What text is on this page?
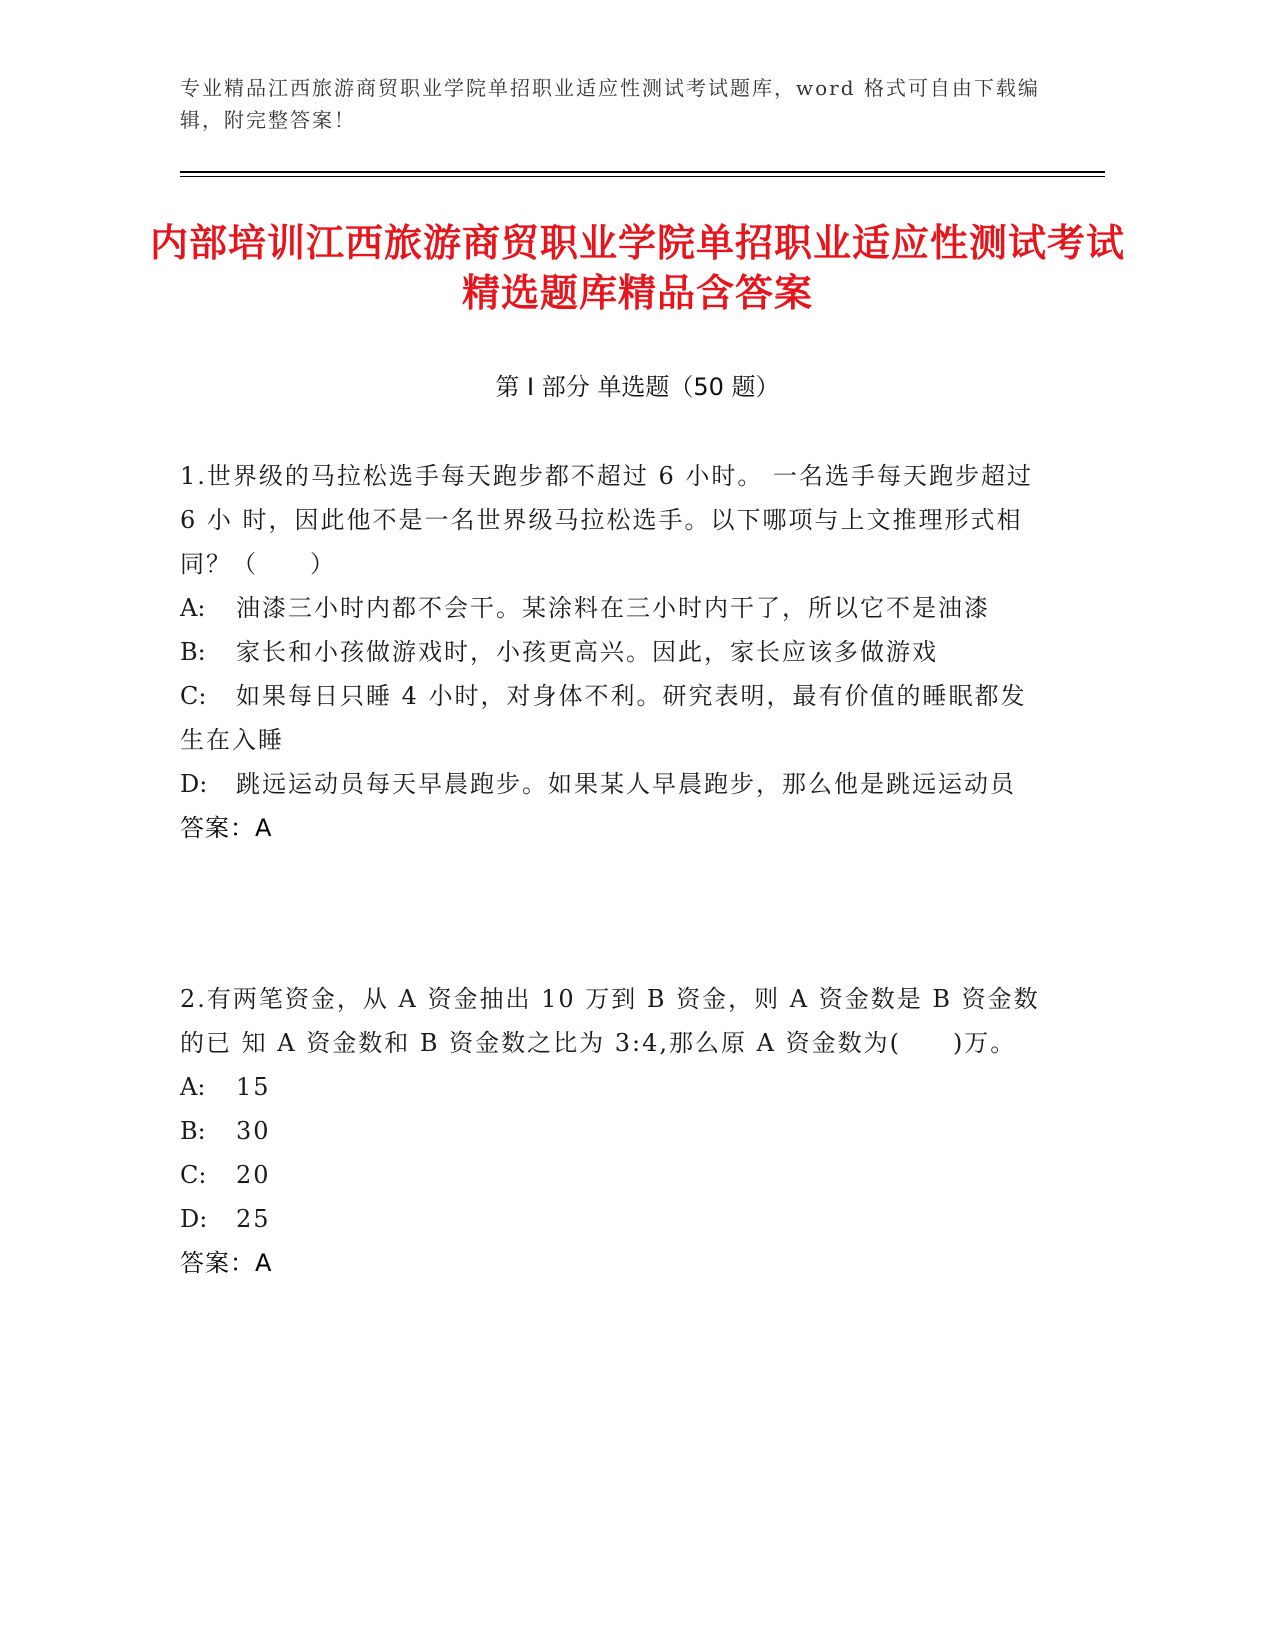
专业精品江西旅游商贸职业学院单招职业适应性测试考试题库，word 格式可自由下载编辑，附完整答案！
内部培训江西旅游商贸职业学院单招职业适应性测试考试精选题库精品含答案
第 I 部分 单选题（50 题）

1.世界级的马拉松选手每天跑步都不超过 6 小时。 一名选手每天跑步超过 6 小 时，因此他不是一名世界级马拉松选手。以下哪项与上文推理形式相同？（　　）

A: 油漆三小时内都不会干。某涂料在三小时内干了，所以它不是油漆

B: 家长和小孩做游戏时，小孩更高兴。因此，家长应该多做游戏

C: 如果每日只睡 4 小时，对身体不利。研究表明，最有价值的睡眠都发生在入睡

D: 跳远运动员每天早晨跑步。如果某人早晨跑步，那么他是跳远运动员

答案：A

2.有两笔资金，从 A 资金抽出 10 万到 B 资金，则 A 资金数是 B 资金数的已 知 A 资金数和 B 资金数之比为 3:4,那么原 A 资金数为(　　)万。

A: 15

B: 30

C: 20

D: 25

答案：A
